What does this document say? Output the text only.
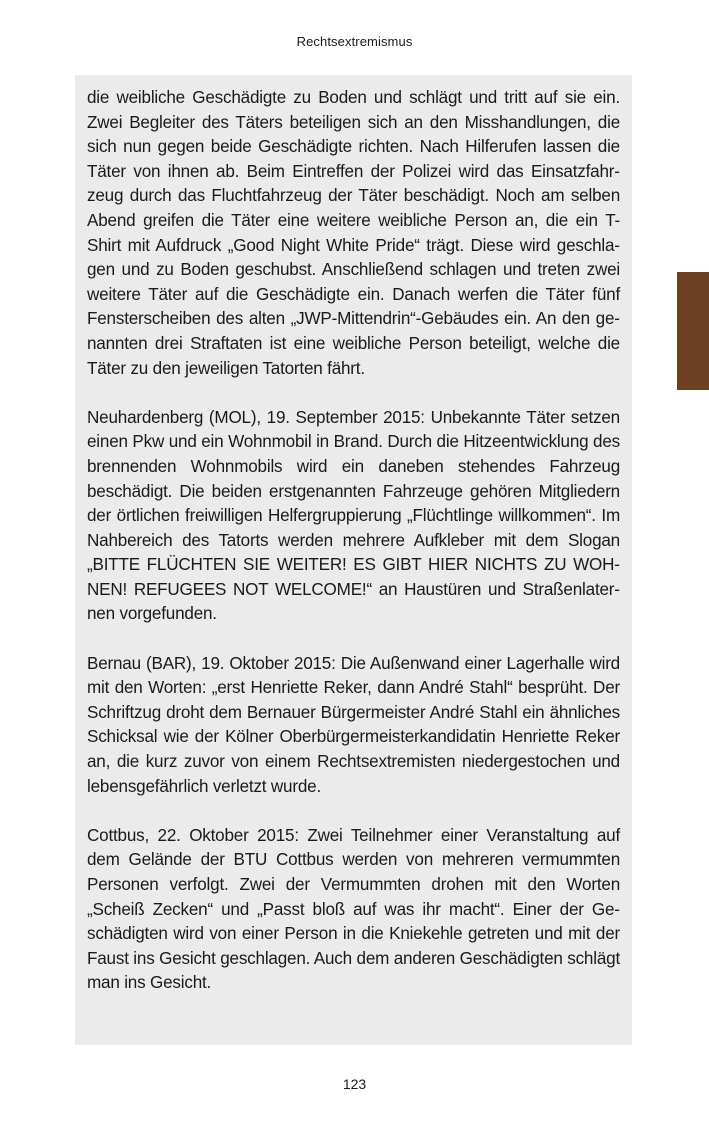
Rechtsextremismus

die weibliche Geschädigte zu Boden und schlägt und tritt auf sie ein. Zwei Begleiter des Täters beteiligen sich an den Misshandlungen, die sich nun gegen beide Geschädigte richten. Nach Hilferufen lassen die Täter von ihnen ab. Beim Eintreffen der Polizei wird das Einsatzfahrzeug durch das Fluchtfahrzeug der Täter beschädigt. Noch am selben Abend greifen die Täter eine weitere weibliche Person an, die ein T-Shirt mit Aufdruck „Good Night White Pride“ trägt. Diese wird geschlagen und zu Boden geschubst. Anschließend schlagen und treten zwei weitere Täter auf die Geschädigte ein. Danach werfen die Täter fünf Fensterscheiben des alten „JWP-Mittendrin“-Gebäudes ein. An den genannten drei Straftaten ist eine weibliche Person beteiligt, welche die Täter zu den jeweiligen Tatorten fährt.

Neuhardenberg (MOL), 19. September 2015: Unbekannte Täter setzen einen Pkw und ein Wohnmobil in Brand. Durch die Hitzeentwicklung des brennenden Wohnmobils wird ein daneben stehendes Fahrzeug beschädigt. Die beiden erstgenannten Fahrzeuge gehören Mitgliedern der örtlichen freiwilligen Helfergruppierung „Flüchtlinge willkommen“. Im Nahbereich des Tatorts werden mehrere Aufkleber mit dem Slogan „BITTE FLÜCHTEN SIE WEITER! ES GIBT HIER NICHTS ZU WOHNEN! REFUGEES NOT WELCOME!“ an Haustüren und Straßenlaternen vorgefunden.

Bernau (BAR), 19. Oktober 2015: Die Außenwand einer Lagerhalle wird mit den Worten: „erst Henriette Reker, dann André Stahl“ besprüht. Der Schriftzug droht dem Bernauer Bürgermeister André Stahl ein ähnliches Schicksal wie der Kölner Oberbürgermeisterkandidatin Henriette Reker an, die kurz zuvor von einem Rechtsextremisten niedergestochen und lebensgefährlich verletzt wurde.

Cottbus, 22. Oktober 2015: Zwei Teilnehmer einer Veranstaltung auf dem Gelände der BTU Cottbus werden von mehreren vermummten Personen verfolgt. Zwei der Vermummten drohen mit den Worten „Scheiß Zecken“ und „Passt bloß auf was ihr macht“. Einer der Geschädigten wird von einer Person in die Kniekehle getreten und mit der Faust ins Gesicht geschlagen. Auch dem anderen Geschädigten schlägt man ins Gesicht.

123
